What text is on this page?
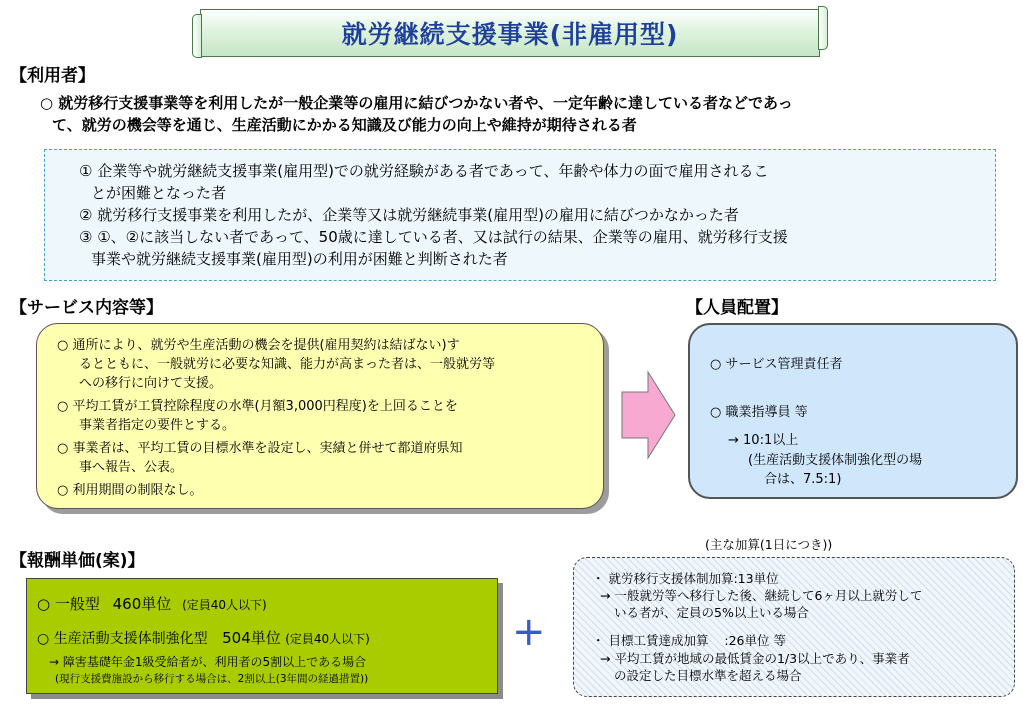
就労継続支援事業(非雇用型)
【利用者】
○ 就労移行支援事業等を利用したが一般企業等の雇用に結びつかない者や、一定年齢に達している者などであっ
て、就労の機会等を通じ、生産活動にかかる知識及び能力の向上や維持が期待される者
① 企業等や就労継続支援事業(雇用型)での就労経験がある者であって、年齢や体力の面で雇用されるこ
とが困難となった者
② 就労移行支援事業を利用したが、企業等又は就労継続事業(雇用型)の雇用に結びつかなかった者
③ ①、②に該当しない者であって、50歳に達している者、又は試行の結果、企業等の雇用、就労移行支援
事業や就労継続支援事業(雇用型)の利用が困難と判断された者
【サービス内容等】
○ 通所により、就労や生産活動の機会を提供(雇用契約は結ばない)す
るとともに、一般就労に必要な知識、能力が高まった者は、一般就労等
への移行に向けて支援。
○ 平均工賃が工賃控除程度の水準(月額3,000円程度)を上回ることを
事業者指定の要件とする。
○ 事業者は、平均工賃の目標水準を設定し、実績と併せて都道府県知
事へ報告、公表。
○ 利用期間の制限なし。
【人員配置】
○ サービス管理責任者
○ 職業指導員 等
→ 10:1以上
(生産活動支援体制強化型の場
合は、7.5:1)
【報酬単価(案)】
○ 一般型 460単位 (定員40人以下)
○ 生産活動支援体制強化型 504単位 (定員40人以下)
→ 障害基礎年金1級受給者が、利用者の5割以上である場合
(現行支援費施設から移行する場合は、2割以上(3年間の経過措置))
+
(主な加算(1日につき))
・ 就労移行支援体制加算:13単位
→ 一般就労等へ移行した後、継続して6ヶ月以上就労して
いる者が、定員の5%以上いる場合
・ 目標工賃達成加算    :26単位 等
→ 平均工賃が地域の最低賃金の1/3以上であり、事業者
の設定した目標水準を超える場合
